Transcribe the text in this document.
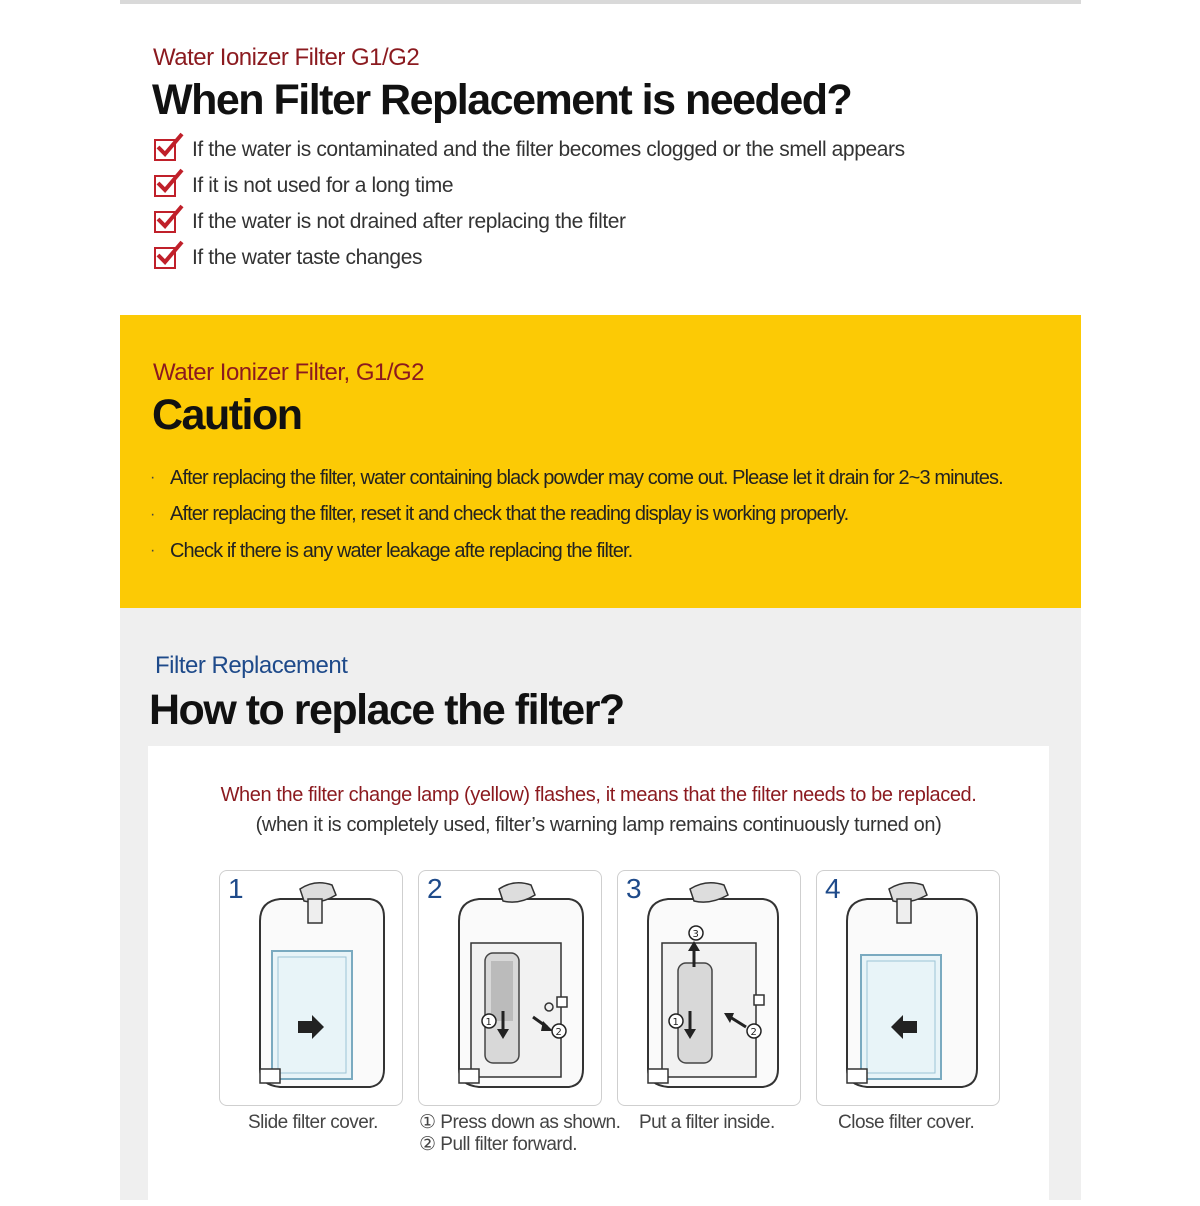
Water Ionizer Filter G1/G2
When Filter Replacement is needed?
If the water is contaminated and the filter becomes clogged or the smell appears
If it is not used for a long time
If the water is not drained after replacing the filter
If the water taste changes
Water Ionizer Filter, G1/G2
Caution
· After replacing the filter, water containing black powder may come out. Please let it drain for 2~3 minutes.
· After replacing the filter, reset it and check that the reading display is working properly.
· Check if there is any water leakage afte replacing the filter.
Filter Replacement
How to replace the filter?
When the filter change lamp (yellow) flashes, it means that the filter needs to be replaced.
(when it is completely used, filter’s warning lamp remains continuously turned on)
1
1
2
2
3
1
2
3	4
Slide filter cover. ① Press down as shown.
② Pull filter forward.
Put a filter inside.	Close filter cover.
